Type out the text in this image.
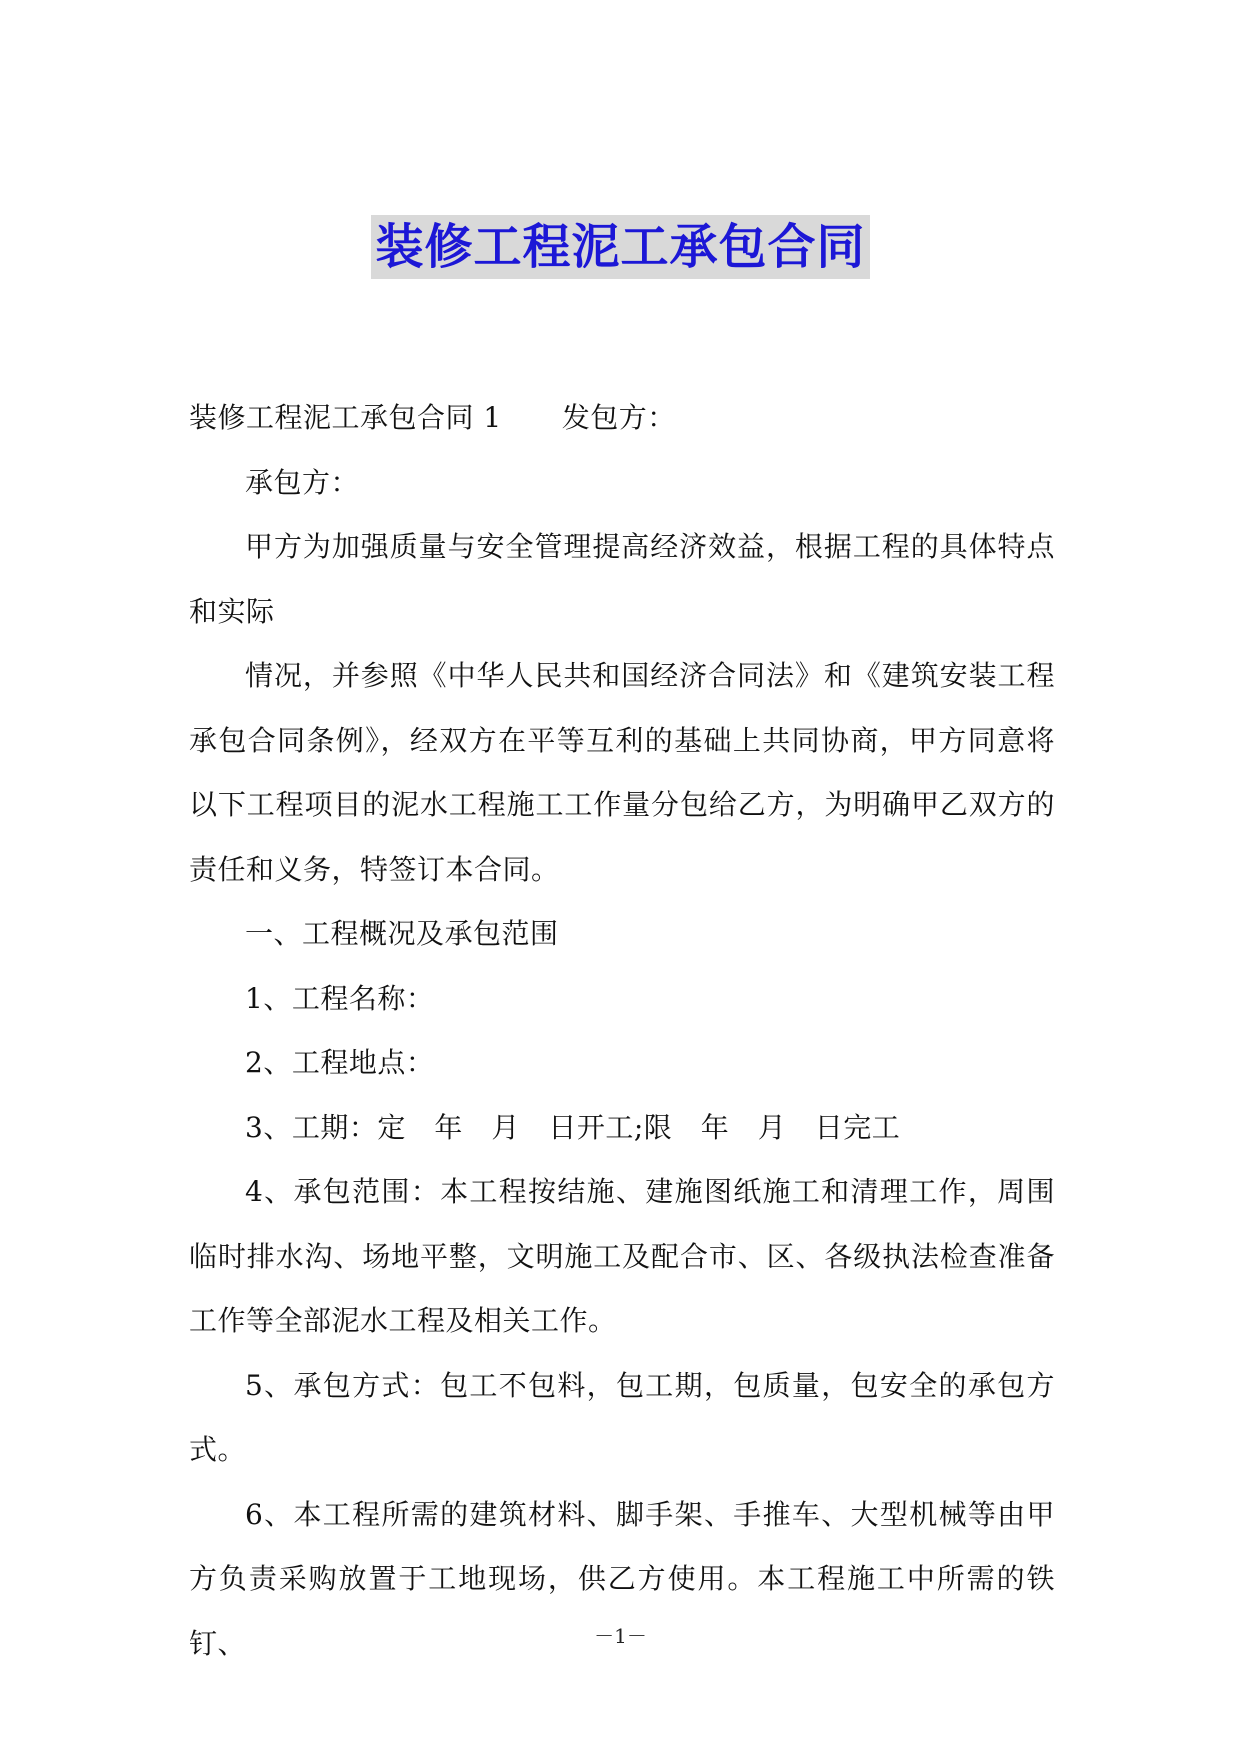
装修工程泥工承包合同

装修工程泥工承包合同 1 发包方：

承包方：

甲方为加强质量与安全管理提高经济效益，根据工程的具体特点和实际

情况，并参照《中华人民共和国经济合同法》和《建筑安装工程承包合同条例》，经双方在平等互利的基础上共同协商，甲方同意将以下工程项目的泥水工程施工工作量分包给乙方，为明确甲乙双方的责任和义务，特签订本合同。

一、工程概况及承包范围

1、工程名称：

2、工程地点：

3、工期：定　年　月　日开工;限　年　月　日完工

4、承包范围：本工程按结施、建施图纸施工和清理工作，周围临时排水沟、场地平整，文明施工及配合市、区、各级执法检查准备工作等全部泥水工程及相关工作。

5、承包方式：包工不包料，包工期，包质量，包安全的承包方式。

6、本工程所需的建筑材料、脚手架、手推车、大型机械等由甲方负责采购放置于工地现场，供乙方使用。本工程施工中所需的铁钉、	－1－
